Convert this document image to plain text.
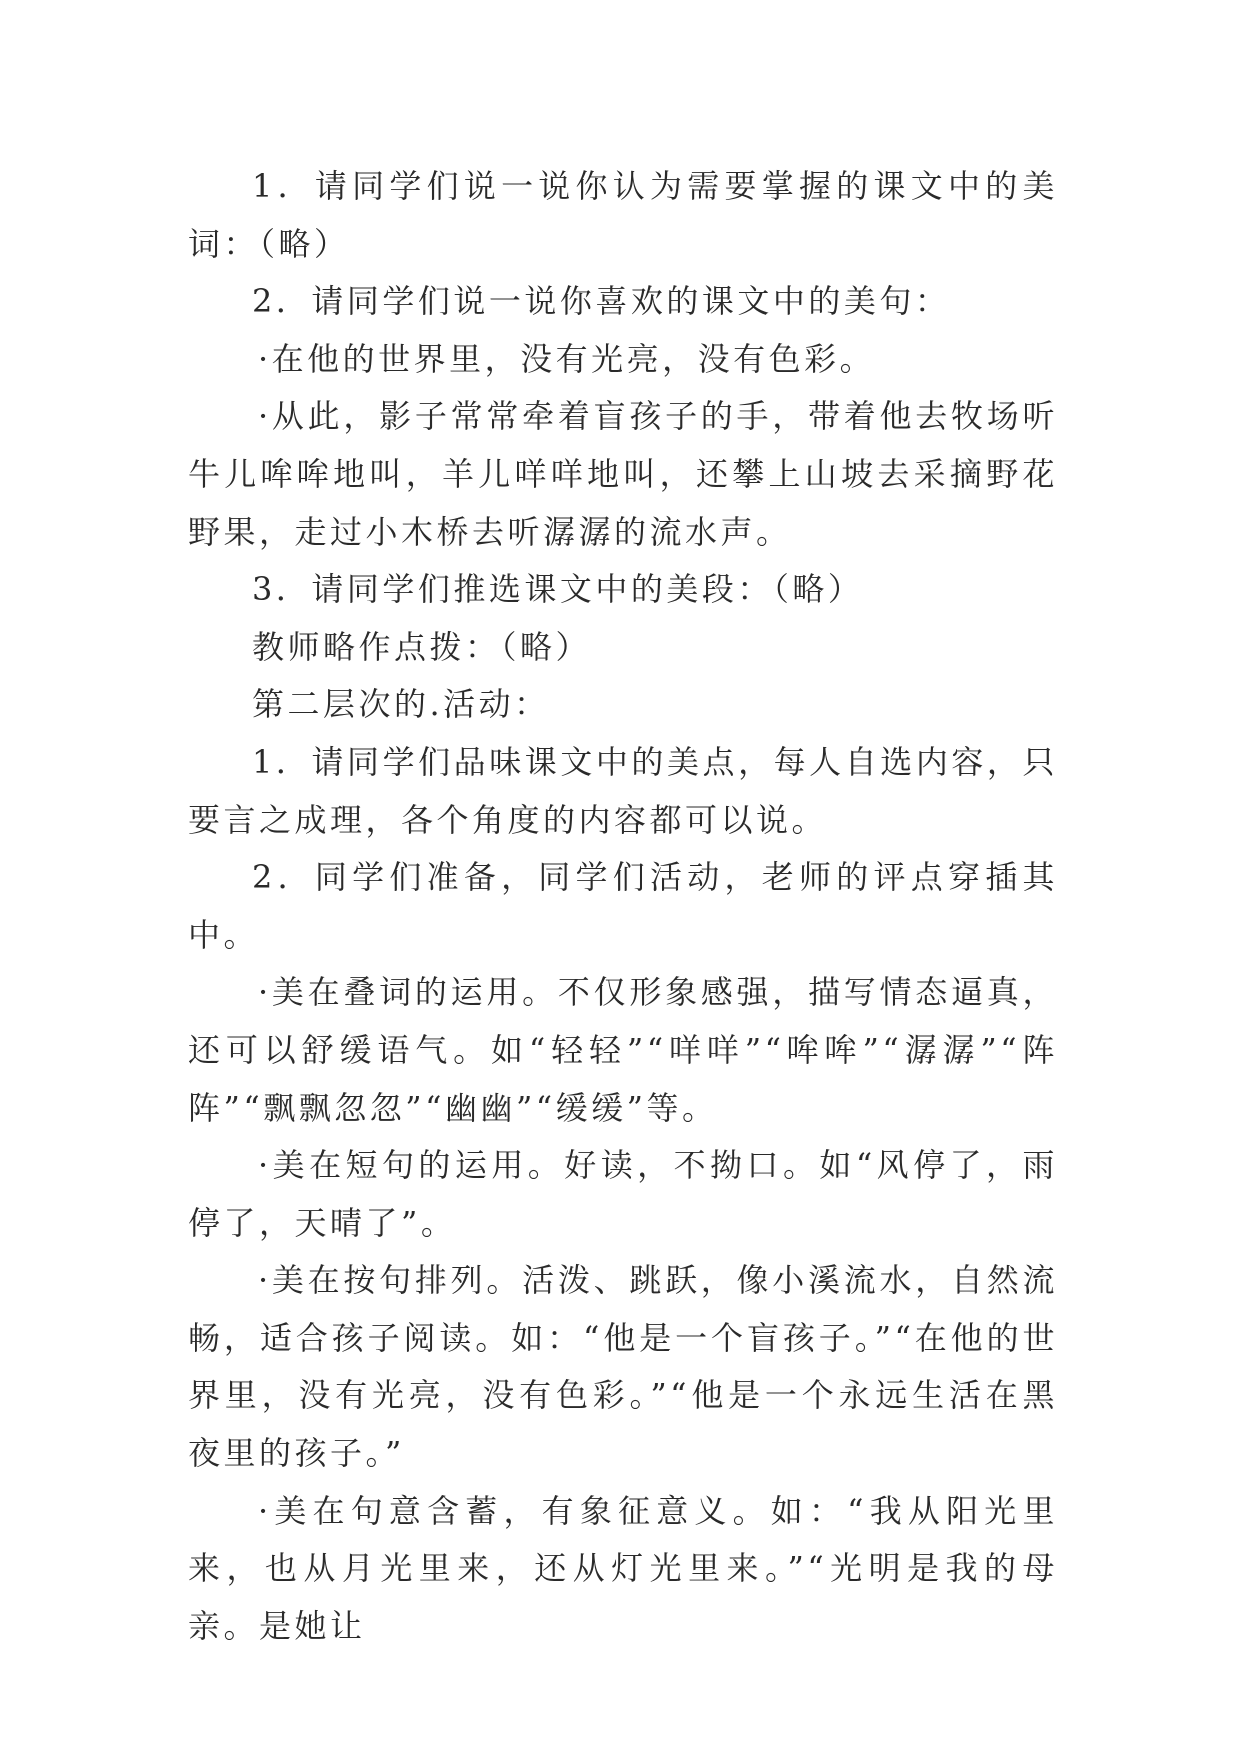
1．请同学们说一说你认为需要掌握的课文中的美词：（略）

2．请同学们说一说你喜欢的课文中的美句：

·在他的世界里，没有光亮，没有色彩。

·从此，影子常常牵着盲孩子的手，带着他去牧场听牛儿哞哞地叫，羊儿咩咩地叫，还攀上山坡去采摘野花野果，走过小木桥去听潺潺的流水声。

3．请同学们推选课文中的美段：（略）

教师略作点拨：（略）

第二层次的.活动：

1．请同学们品味课文中的美点，每人自选内容，只要言之成理，各个角度的内容都可以说。

2．同学们准备，同学们活动，老师的评点穿插其中。

·美在叠词的运用。不仅形象感强，描写情态逼真，还可以舒缓语气。如“轻轻”“咩咩”“哞哞”“潺潺”“阵阵”“飘飘忽忽”“幽幽”“缓缓”等。

·美在短句的运用。好读，不拗口。如“风停了，雨停了，天晴了”。

·美在按句排列。活泼、跳跃，像小溪流水，自然流畅，适合孩子阅读。如：“他是一个盲孩子。”“在他的世界里，没有光亮，没有色彩。”“他是一个永远生活在黑夜里的孩子。”

·美在句意含蓄，有象征意义。如：“我从阳光里来，也从月光里来，还从灯光里来。”“光明是我的母亲。是她让
